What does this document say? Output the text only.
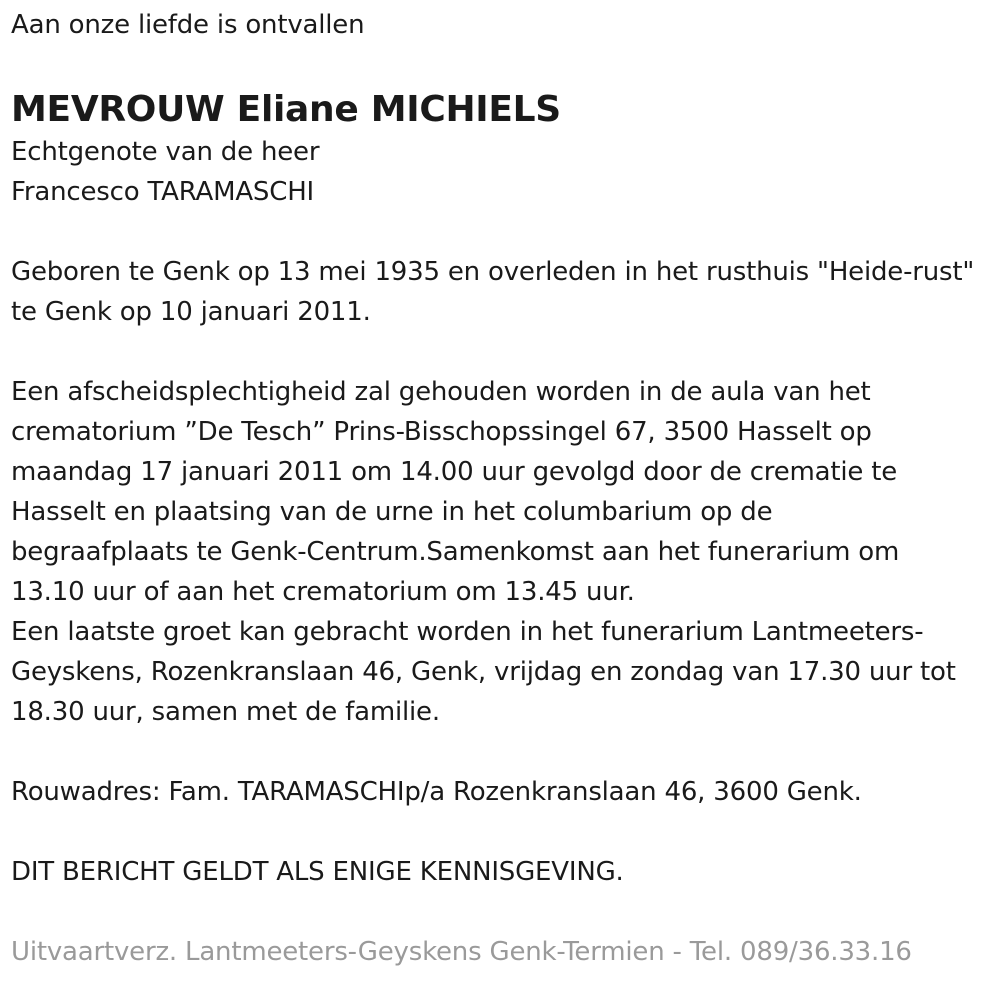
Aan onze liefde is ontvallen
MEVROUW Eliane MICHIELS
Echtgenote van de heer
Francesco TARAMASCHI
Geboren te Genk op 13 mei 1935 en overleden in het rusthuis "Heide-rust"
te Genk op 10 januari 2011.
Een afscheidsplechtigheid zal gehouden worden in de aula van het
crematorium ”De Tesch” Prins-Bisschopssingel 67, 3500 Hasselt op
maandag 17 januari 2011 om 14.00 uur gevolgd door de crematie te
Hasselt en plaatsing van de urne in het columbarium op de
begraafplaats te Genk-Centrum.Samenkomst aan het funerarium om
13.10 uur of aan het crematorium om 13.45 uur.
Een laatste groet kan gebracht worden in het funerarium Lantmeeters-
Geyskens, Rozenkranslaan 46, Genk, vrijdag en zondag van 17.30 uur tot
18.30 uur, samen met de familie.
Rouwadres: Fam. TARAMASCHIp/a Rozenkranslaan 46, 3600 Genk.
DIT BERICHT GELDT ALS ENIGE KENNISGEVING.
Uitvaartverz. Lantmeeters-Geyskens Genk-Termien - Tel. 089/36.33.16
